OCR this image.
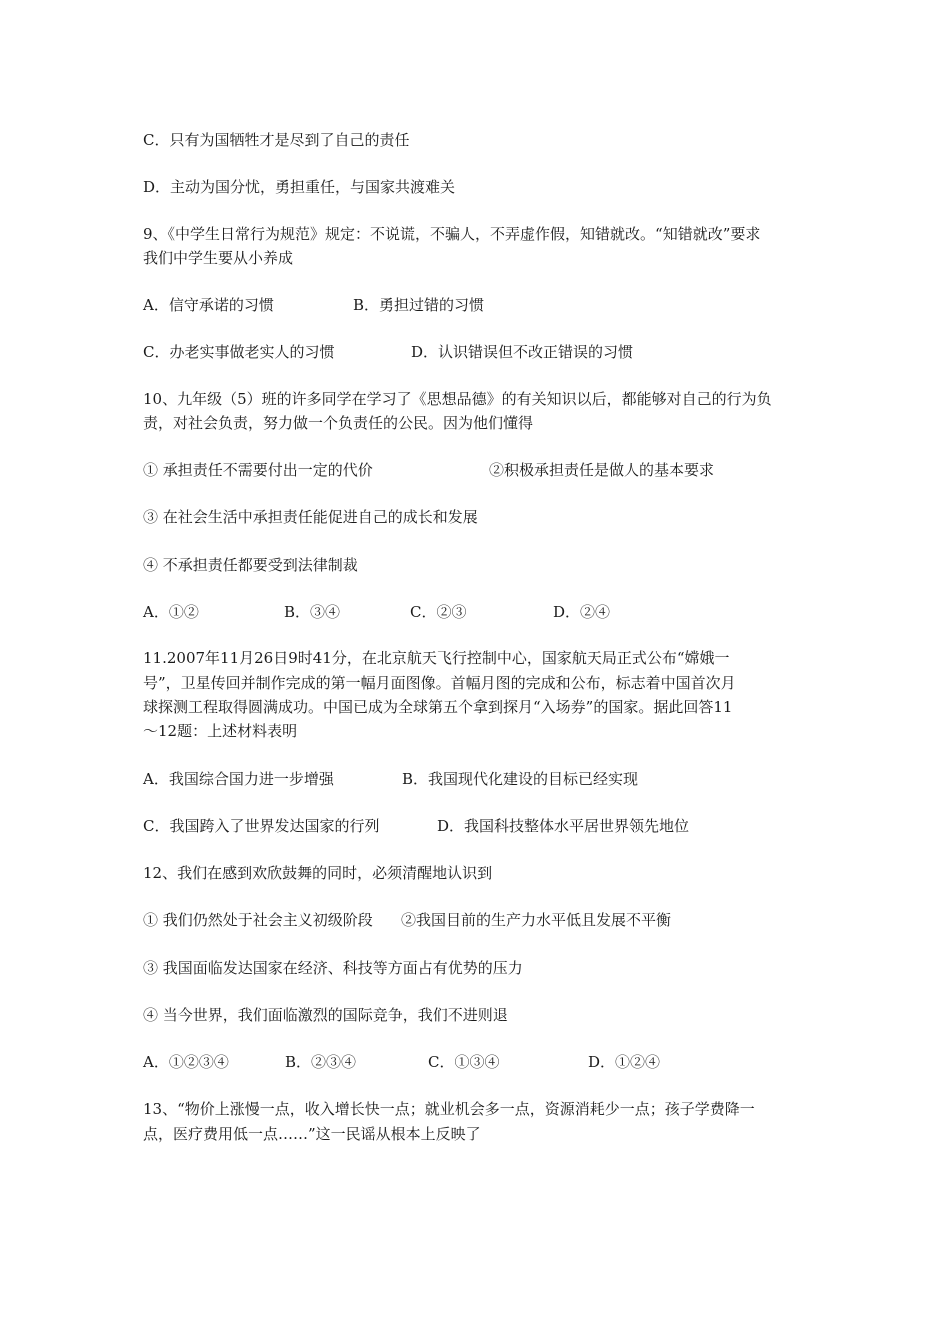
C．只有为国牺牲才是尽到了自己的责任
D．主动为国分忧，勇担重任，与国家共渡难关
9、《中学生日常行为规范》规定：不说谎，不骗人，不弄虚作假，知错就改。“知错就改”要求
我们中学生要从小养成
A．信守承诺的习惯	B．勇担过错的习惯
C．办老实事做老实人的习惯	D．认识错误但不改正错误的习惯
10、九年级（5）班的许多同学在学习了《思想品德》的有关知识以后，都能够对自己的行为负
责，对社会负责，努力做一个负责任的公民。因为他们懂得
① 承担责任不需要付出一定的代价	②积极承担责任是做人的基本要求
③ 在社会生活中承担责任能促进自己的成长和发展
④ 不承担责任都要受到法律制裁
A．①②	B．③④	C．②③	D．②④
11.2007年11月26日9时41分，在北京航天飞行控制中心，国家航天局正式公布“嫦娥一
号”，卫星传回并制作完成的第一幅月面图像。首幅月图的完成和公布，标志着中国首次月
球探测工程取得圆满成功。中国已成为全球第五个拿到探月“入场券”的国家。据此回答11
～12题：上述材料表明
A．我国综合国力进一步增强	B．我国现代化建设的目标已经实现
C．我国跨入了世界发达国家的行列	D．我国科技整体水平居世界领先地位
12、我们在感到欢欣鼓舞的同时，必须清醒地认识到
① 我们仍然处于社会主义初级阶段 ②我国目前的生产力水平低且发展不平衡
③ 我国面临发达国家在经济、科技等方面占有优势的压力
④ 当今世界，我们面临激烈的国际竞争，我们不进则退
A．①②③④	B．②③④	C．①③④	D．①②④
13、“物价上涨慢一点，收入增长快一点；就业机会多一点，资源消耗少一点；孩子学费降一
点，医疗费用低一点……”这一民谣从根本上反映了
